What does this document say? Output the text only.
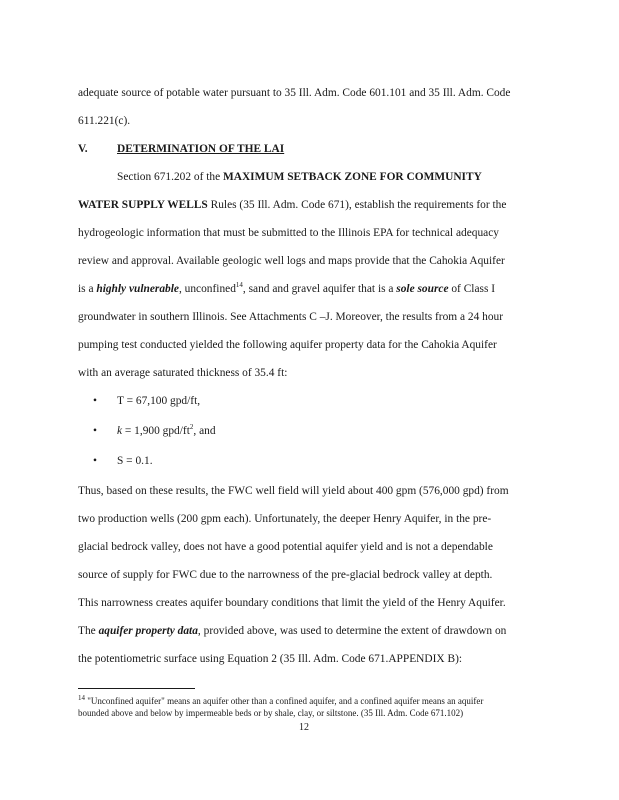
adequate source of potable water pursuant to 35 Ill. Adm. Code 601.101 and 35 Ill. Adm. Code
611.221(c).
V.	DETERMINATION OF THE LAI
Section 671.202 of the MAXIMUM SETBACK ZONE FOR COMMUNITY
WATER SUPPLY WELLS Rules (35 Ill. Adm. Code 671), establish the requirements for the
hydrogeologic information that must be submitted to the Illinois EPA for technical adequacy
review and approval. Available geologic well logs and maps provide that the Cahokia Aquifer
is a highly vulnerable, unconfined$^{14}$, sand and gravel aquifer that is a sole source of Class I
groundwater in southern Illinois. See Attachments C –J. Moreover, the results from a 24 hour
pumping test conducted yielded the following aquifer property data for the Cahokia Aquifer
with an average saturated thickness of 35.4 ft:
• T = 67,100 gpd/ft,
• k = 1,900 gpd/$ft^2$, and
• S = 0.1.
Thus, based on these results, the FWC well field will yield about 400 gpm (576,000 gpd) from
two production wells (200 gpm each). Unfortunately, the deeper Henry Aquifer, in the pre-
glacial bedrock valley, does not have a good potential aquifer yield and is not a dependable
source of supply for FWC due to the narrowness of the pre-glacial bedrock valley at depth.
This narrowness creates aquifer boundary conditions that limit the yield of the Henry Aquifer.
The aquifer property data, provided above, was used to determine the extent of drawdown on
the potentiometric surface using Equation 2 (35 Ill. Adm. Code 671.APPENDIX B):
$^{14}$ "Unconfined aquifer" means an aquifer other than a confined aquifer, and a confined aquifer means an aquifer
bounded above and below by impermeable beds or by shale, clay, or siltstone. (35 Ill. Adm. Code 671.102)
12
